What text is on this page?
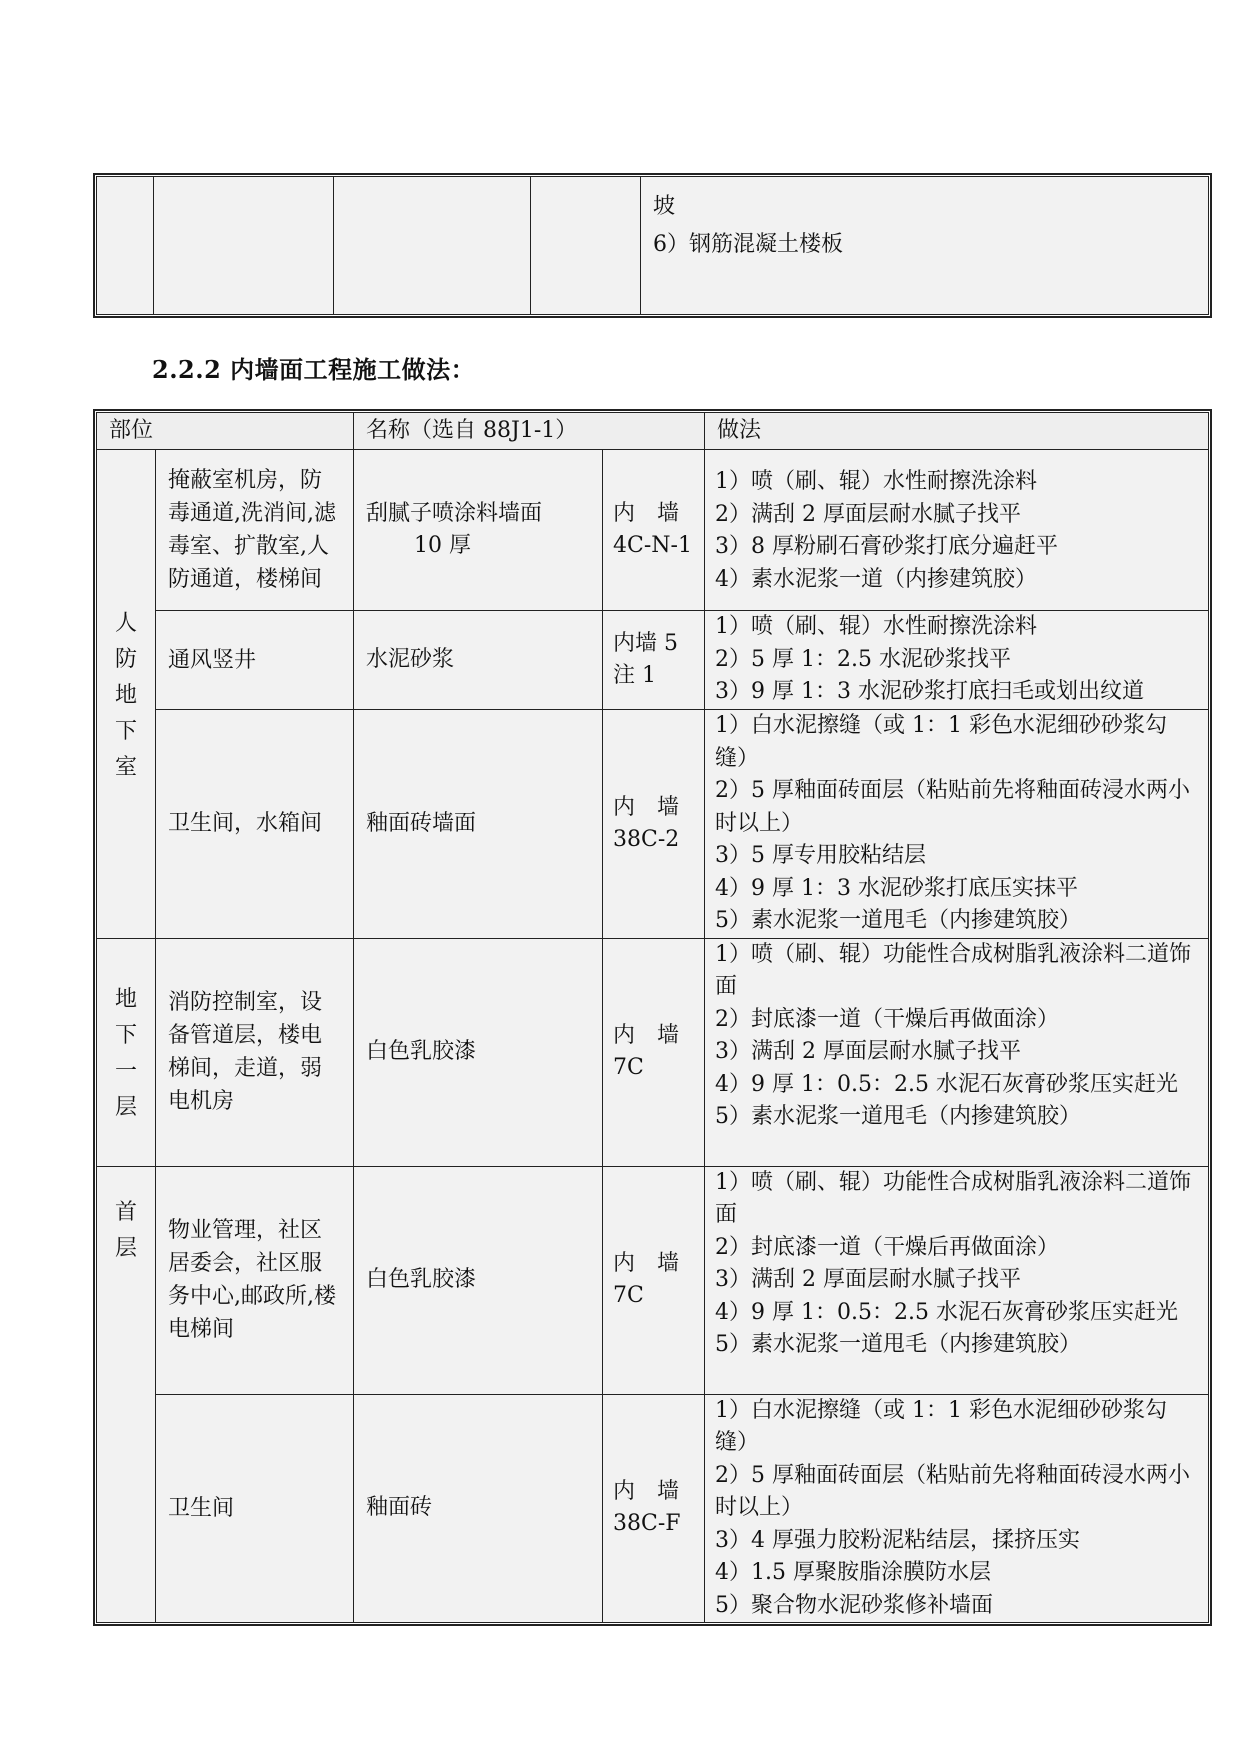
坡
6）钢筋混凝土楼板
2.2.2 内墙面工程施工做法：
部位		名称（选自 88J1-1）		做法

人
防
地
下
室	掩蔽室机房，防毒通道,洗消间,滤毒室、扩散室,人防通道，楼梯间	刮腻子喷涂料墙面
10 厚	内　墙
4C-N-1	1）喷（刷、辊）水性耐擦洗涂料
2）满刮 2 厚面层耐水腻子找平
3）8 厚粉刷石膏砂浆打底分遍赶平
4）素水泥浆一道（内掺建筑胶）

	通风竖井	水泥砂浆	内墙 5
注 1	1）喷（刷、辊）水性耐擦洗涂料
2）5 厚 1：2.5 水泥砂浆找平
3）9 厚 1：3 水泥砂浆打底扫毛或划出纹道

	卫生间，水箱间	釉面砖墙面	内　墙
38C-2	1）白水泥擦缝（或 1：1 彩色水泥细砂砂浆勾缝）
2）5 厚釉面砖面层（粘贴前先将釉面砖浸水两小时以上）
3）5 厚专用胶粘结层
4）9 厚 1：3 水泥砂浆打底压实抹平
5）素水泥浆一道甩毛（内掺建筑胶）

地
下
一
层	消防控制室，设备管道层，楼电梯间，走道，弱电机房	白色乳胶漆	内　墙
7C	1）喷（刷、辊）功能性合成树脂乳液涂料二道饰面
2）封底漆一道（干燥后再做面涂）
3）满刮 2 厚面层耐水腻子找平
4）9 厚 1：0.5：2.5 水泥石灰膏砂浆压实赶光
5）素水泥浆一道甩毛（内掺建筑胶）

首
层	物业管理，社区居委会，社区服务中心,邮政所,楼电梯间	白色乳胶漆	内　墙
7C	1）喷（刷、辊）功能性合成树脂乳液涂料二道饰面
2）封底漆一道（干燥后再做面涂）
3）满刮 2 厚面层耐水腻子找平
4）9 厚 1：0.5：2.5 水泥石灰膏砂浆压实赶光
5）素水泥浆一道甩毛（内掺建筑胶）

	卫生间	釉面砖	内　墙
38C-F	1）白水泥擦缝（或 1：1 彩色水泥细砂砂浆勾缝）
2）5 厚釉面砖面层（粘贴前先将釉面砖浸水两小时以上）
3）4 厚强力胶粉泥粘结层，揉挤压实
4）1.5 厚聚胺脂涂膜防水层
5）聚合物水泥砂浆修补墙面
